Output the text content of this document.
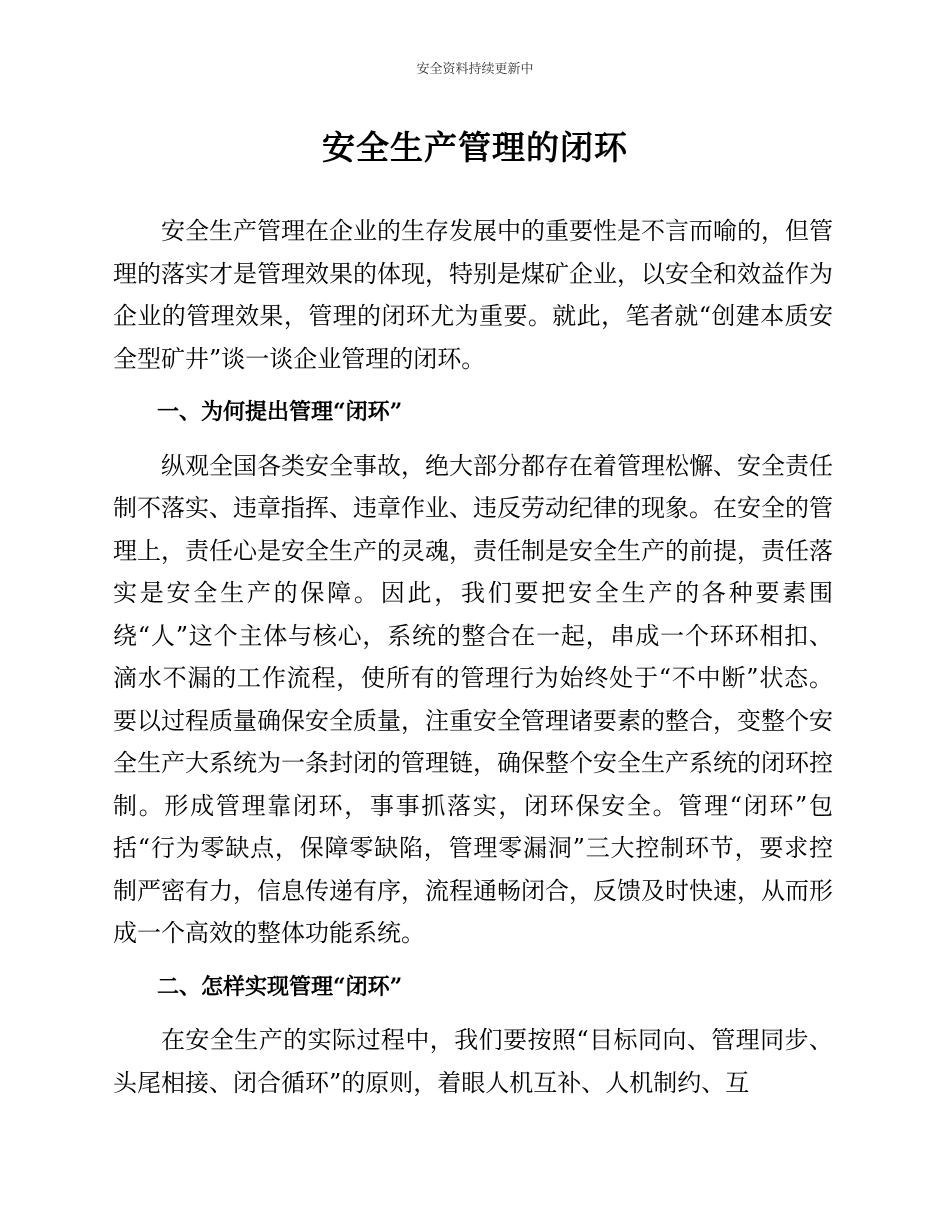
安全资料持续更新中
安全生产管理的闭环

安全生产管理在企业的生存发展中的重要性是不言而喻的，但管理的落实才是管理效果的体现，特别是煤矿企业，以安全和效益作为企业的管理效果，管理的闭环尤为重要。就此，笔者就“创建本质安全型矿井”谈一谈企业管理的闭环。

一、为何提出管理“闭环”

纵观全国各类安全事故，绝大部分都存在着管理松懈、安全责任制不落实、违章指挥、违章作业、违反劳动纪律的现象。在安全的管理上，责任心是安全生产的灵魂，责任制是安全生产的前提，责任落实是安全生产的保障。因此，我们要把安全生产的各种要素围绕“人”这个主体与核心，系统的整合在一起，串成一个环环相扣、滴水不漏的工作流程，使所有的管理行为始终处于“不中断”状态。要以过程质量确保安全质量，注重安全管理诸要素的整合，变整个安全生产大系统为一条封闭的管理链，确保整个安全生产系统的闭环控制。形成管理靠闭环，事事抓落实，闭环保安全。管理“闭环”包括“行为零缺点，保障零缺陷，管理零漏洞”三大控制环节，要求控制严密有力，信息传递有序，流程通畅闭合，反馈及时快速，从而形成一个高效的整体功能系统。

二、怎样实现管理“闭环”

在安全生产的实际过程中，我们要按照“目标同向、管理同步、头尾相接、闭合循环”的原则，着眼人机互补、人机制约、互
